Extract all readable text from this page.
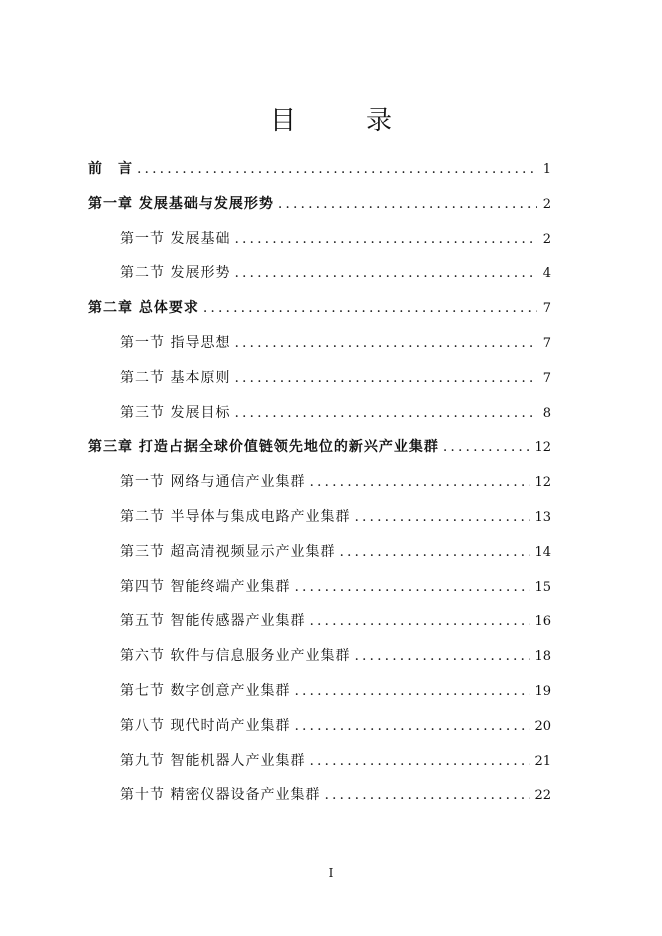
目　录
前　言 .....	1
第一章 发展基础与发展形势 .....	2
第一节 发展基础 .....	2
第二节 发展形势 .....	4
第二章 总体要求 .....	7
第一节 指导思想 .....	7
第二节 基本原则 .....	7
第三节 发展目标 .....	8
第三章 打造占据全球价值链领先地位的新兴产业集群 .....	12
第一节 网络与通信产业集群 .....	12
第二节 半导体与集成电路产业集群 .....	13
第三节 超高清视频显示产业集群 .....	14
第四节 智能终端产业集群 .....	15
第五节 智能传感器产业集群 .....	16
第六节 软件与信息服务业产业集群 .....	18
第七节 数字创意产业集群 .....	19
第八节 现代时尚产业集群 .....	20
第九节 智能机器人产业集群 .....	21
第十节 精密仪器设备产业集群 .....	22
I
